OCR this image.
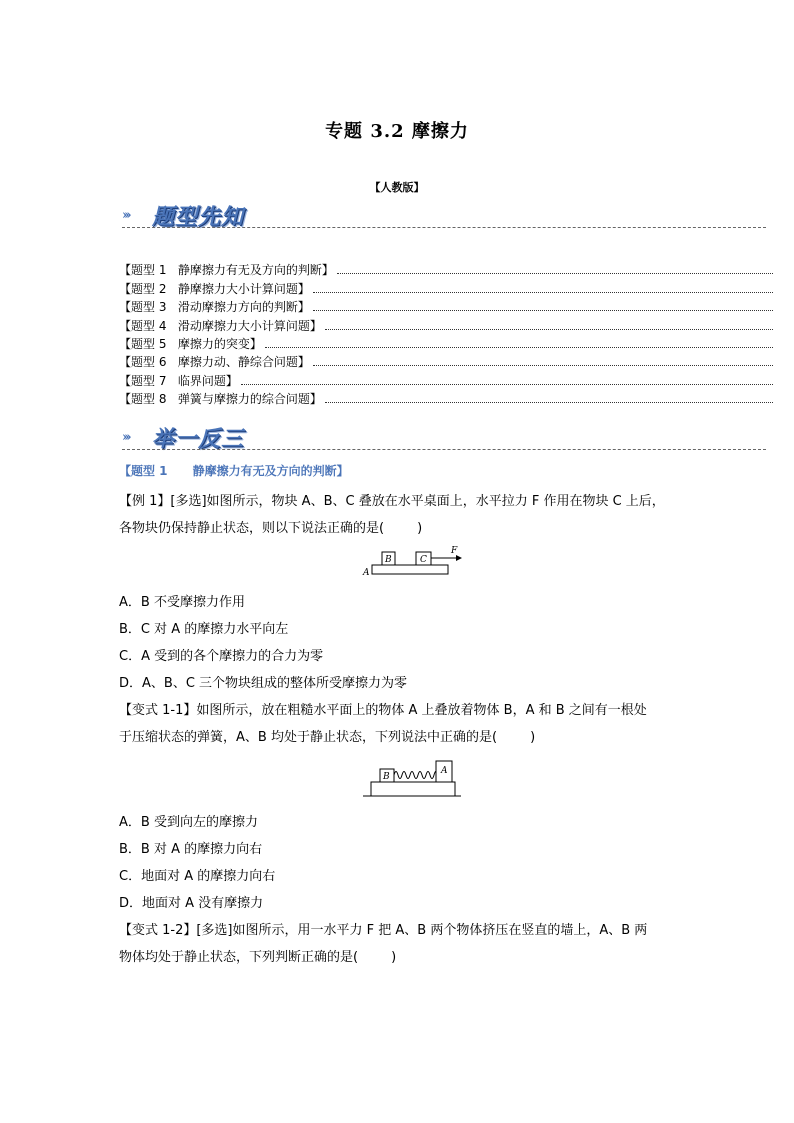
专题 3.2 摩擦力
【人教版】
››› 题型先知
【题型 1   静摩擦力有无及方向的判断】
【题型 2   静摩擦力大小计算问题】
【题型 3   滑动摩擦力方向的判断】
【题型 4   滑动摩擦力大小计算问题】
【题型 5   摩擦力的突变】
【题型 6   摩擦力动、静综合问题】
【题型 7   临界问题】
【题型 8   弹簧与摩擦力的综合问题】
››› 举一反三
【题型 1      静摩擦力有无及方向的判断】
【例 1】[多选]如图所示，物块 A、B、C 叠放在水平桌面上，水平拉力 F 作用在物块 C 上后，
各物块仍保持静止状态，则以下说法正确的是(        )
A
B	C
F
A．B 不受摩擦力作用
B．C 对 A 的摩擦力水平向左
C．A 受到的各个摩擦力的合力为零
D．A、B、C 三个物块组成的整体所受摩擦力为零
【变式 1-1】如图所示，放在粗糙水平面上的物体 A 上叠放着物体 B，A 和 B 之间有一根处
于压缩状态的弹簧，A、B 均处于静止状态，下列说法中正确的是(        )
B
A
A．B 受到向左的摩擦力
B．B 对 A 的摩擦力向右
C．地面对 A 的摩擦力向右
D．地面对 A 没有摩擦力
【变式 1-2】[多选]如图所示，用一水平力 F 把 A、B 两个物体挤压在竖直的墙上，A、B 两
物体均处于静止状态，下列判断正确的是(        )
